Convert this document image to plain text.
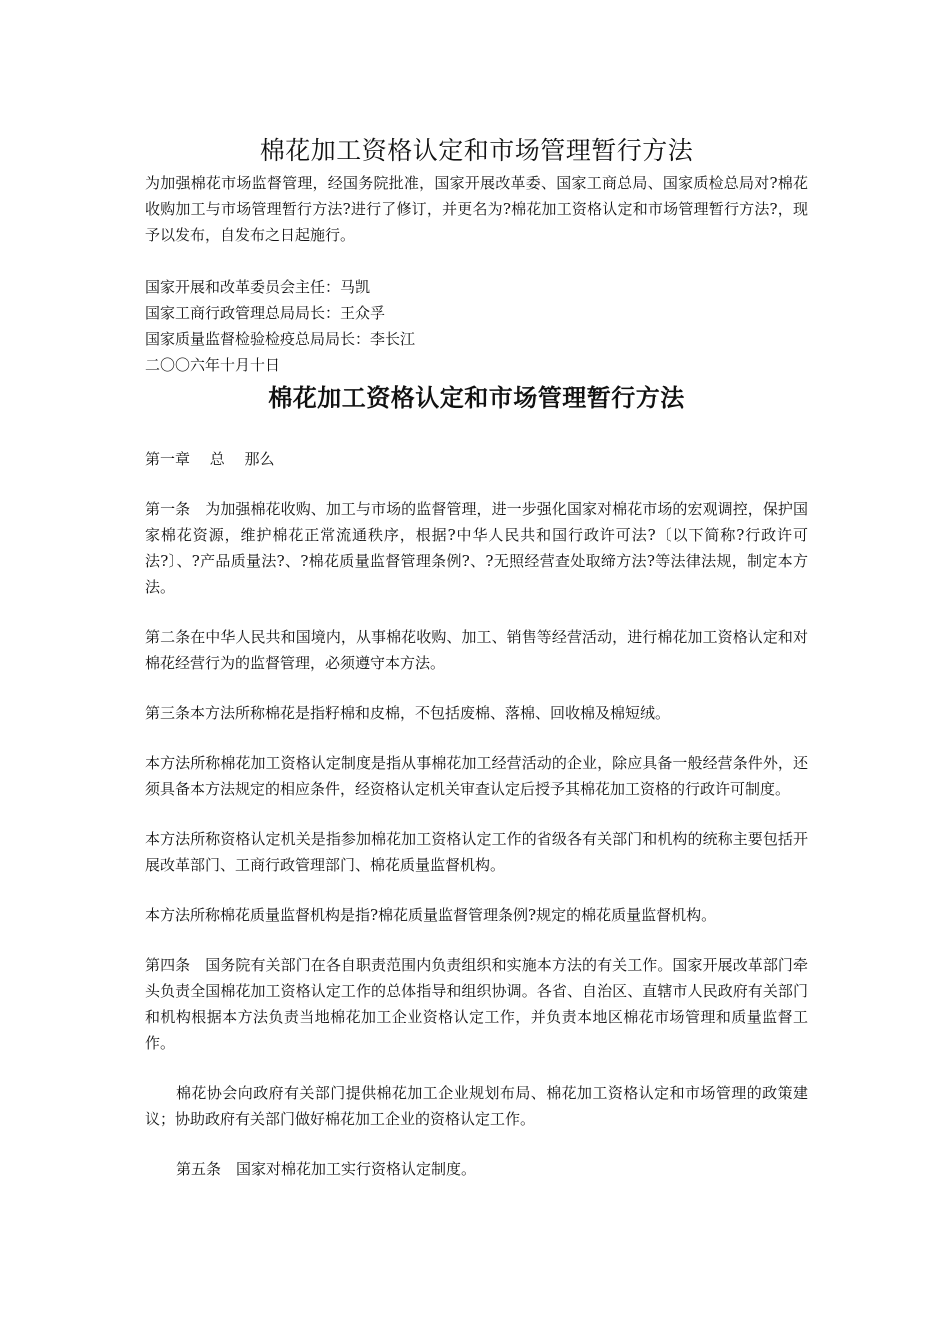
棉花加工资格认定和市场管理暂行方法

为加强棉花市场监督管理，经国务院批准，国家开展改革委、国家工商总局、国家质检总局对?棉花收购加工与市场管理暂行方法?进行了修订，并更名为?棉花加工资格认定和市场管理暂行方法?，现予以发布，自发布之日起施行。

国家开展和改革委员会主任：马凯

国家工商行政管理总局局长：王众孚

国家质量监督检验检疫总局局长：李长江

二〇〇六年十月十日

棉花加工资格认定和市场管理暂行方法

第一章　 总　 那么

第一条　为加强棉花收购、加工与市场的监督管理，进一步强化国家对棉花市场的宏观调控，保护国家棉花资源，维护棉花正常流通秩序，根据?中华人民共和国行政许可法?〔以下简称?行政许可法?〕、?产品质量法?、?棉花质量监督管理条例?、?无照经营查处取缔方法?等法律法规，制定本方法。

第二条在中华人民共和国境内，从事棉花收购、加工、销售等经营活动，进行棉花加工资格认定和对棉花经营行为的监督管理，必须遵守本方法。

第三条本方法所称棉花是指籽棉和皮棉，不包括废棉、落棉、回收棉及棉短绒。

本方法所称棉花加工资格认定制度是指从事棉花加工经营活动的企业，除应具备一般经营条件外，还须具备本方法规定的相应条件，经资格认定机关审查认定后授予其棉花加工资格的行政许可制度。

本方法所称资格认定机关是指参加棉花加工资格认定工作的省级各有关部门和机构的统称主要包括开展改革部门、工商行政管理部门、棉花质量监督机构。

本方法所称棉花质量监督机构是指?棉花质量监督管理条例?规定的棉花质量监督机构。

第四条　国务院有关部门在各自职责范围内负责组织和实施本方法的有关工作。国家开展改革部门牵头负责全国棉花加工资格认定工作的总体指导和组织协调。各省、自治区、直辖市人民政府有关部门和机构根据本方法负责当地棉花加工企业资格认定工作，并负责本地区棉花市场管理和质量监督工作。

棉花协会向政府有关部门提供棉花加工企业规划布局、棉花加工资格认定和市场管理的政策建议；协助政府有关部门做好棉花加工企业的资格认定工作。

第五条　国家对棉花加工实行资格认定制度。
